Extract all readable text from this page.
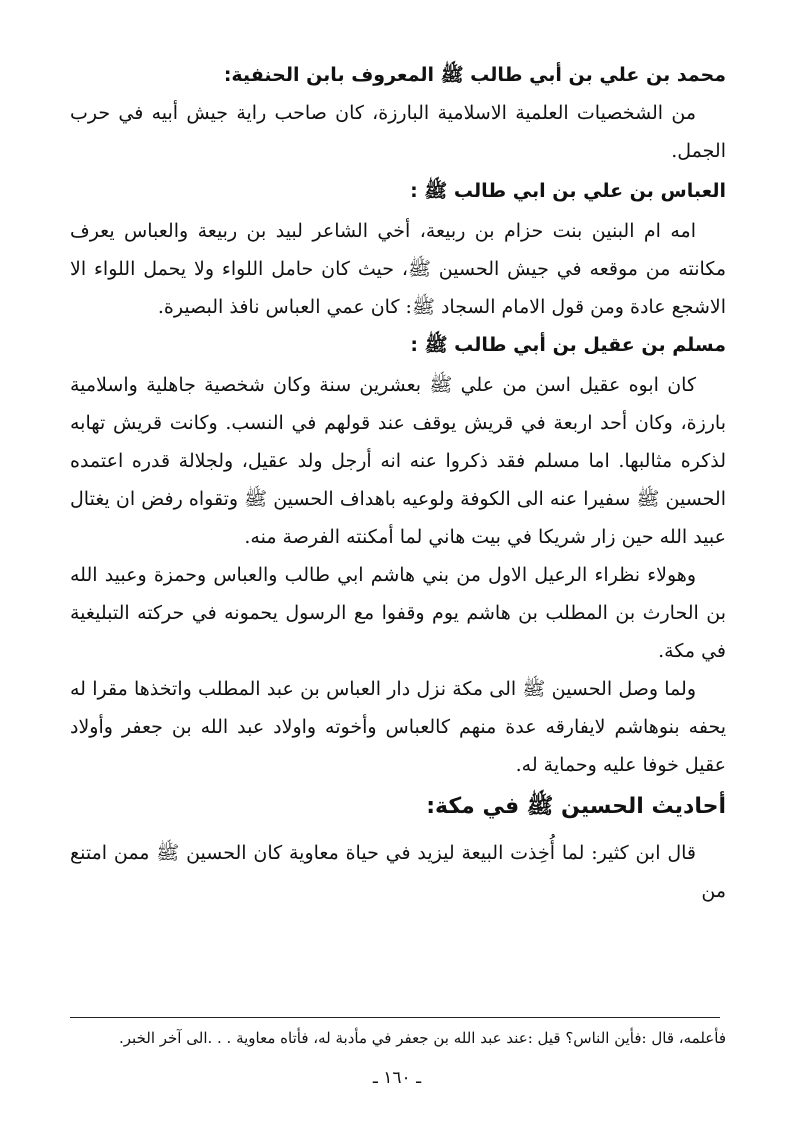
محمد بن علي بن أبي طالب ﷺ المعروف بابن الحنفية:

من الشخصيات العلمية الاسلامية البارزة، كان صاحب راية جيش أبيه في حرب الجمل.

العباس بن علي بن ابي طالب ﷺ :

امه ام البنين بنت حزام بن ربيعة، أخي الشاعر لبيد بن ربيعة والعباس يعرف مكانته من موقعه في جيش الحسين ﷺ، حيث كان حامل اللواء ولا يحمل اللواء الا الاشجع عادة ومن قول الامام السجاد ﷺ: كان عمي العباس نافذ البصيرة.

مسلم بن عقيل بن أبي طالب ﷺ :

كان ابوه عقيل اسن من علي ﷺ بعشرين سنة وكان شخصية جاهلية واسلامية بارزة، وكان أحد اربعة في قريش يوقف عند قولهم في النسب. وكانت قريش تهابه لذكره مثالبها. اما مسلم فقد ذكروا عنه انه أرجل ولد عقيل، ولجلالة قدره اعتمده الحسين ﷺ سفيرا عنه الى الكوفة ولوعيه باهداف الحسين ﷺ وتقواه رفض ان يغتال عبيد الله حين زار شريكا في بيت هاني لما أمكنته الفرصة منه.

وهولاء نظراء الرعيل الاول من بني هاشم ابي طالب والعباس وحمزة وعبيد الله بن الحارث بن المطلب بن هاشم يوم وقفوا مع الرسول يحمونه في حركته التبليغية في مكة.

ولما وصل الحسين ﷺ الى مكة نزل دار العباس بن عبد المطلب واتخذها مقرا له يحفه بنوهاشم لايفارقه عدة منهم كالعباس وأخوته واولاد عبد الله بن جعفر وأولاد عقيل خوفا عليه وحماية له.

أحاديث الحسين ﷺ في مكة:

قال ابن كثير: لما أُخِذت البيعة ليزيد في حياة معاوية كان الحسين ﷺ ممن امتنع من

فأعلمه، قال :فأين الناس؟ قيل :عند عبد الله بن جعفر في مأدبة له، فأتاه معاوية . . .الى آخر الخبر.
ـ ١٦٠ ـ
